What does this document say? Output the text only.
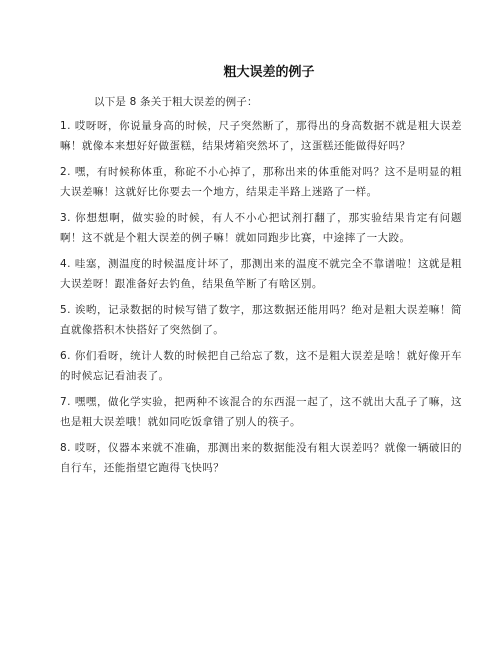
粗大误差的例子

以下是 8 条关于粗大误差的例子：

1. 哎呀呀，你说量身高的时候，尺子突然断了，那得出的身高数据不就是粗大误差嘛！就像本来想好好做蛋糕，结果烤箱突然坏了，这蛋糕还能做得好吗？
2. 嘿，有时候称体重，称砣不小心掉了，那称出来的体重能对吗？这不是明显的粗大误差嘛！这就好比你要去一个地方，结果走半路上迷路了一样。
3. 你想想啊，做实验的时候，有人不小心把试剂打翻了，那实验结果肯定有问题啊！这不就是个粗大误差的例子嘛！就如同跑步比赛，中途摔了一大跤。
4. 哇塞，测温度的时候温度计坏了，那测出来的温度不就完全不靠谱啦！这就是粗大误差呀！跟准备好去钓鱼，结果鱼竿断了有啥区别。
5. 诶哟，记录数据的时候写错了数字，那这数据还能用吗？绝对是粗大误差嘛！简直就像搭积木快搭好了突然倒了。
6. 你们看呀，统计人数的时候把自己给忘了数，这不是粗大误差是啥！就好像开车的时候忘记看油表了。
7. 嘿嘿，做化学实验，把两种不该混合的东西混一起了，这不就出大乱子了嘛，这也是粗大误差哦！就如同吃饭拿错了别人的筷子。
8. 哎呀，仪器本来就不准确，那测出来的数据能没有粗大误差吗？就像一辆破旧的自行车，还能指望它跑得飞快吗？
